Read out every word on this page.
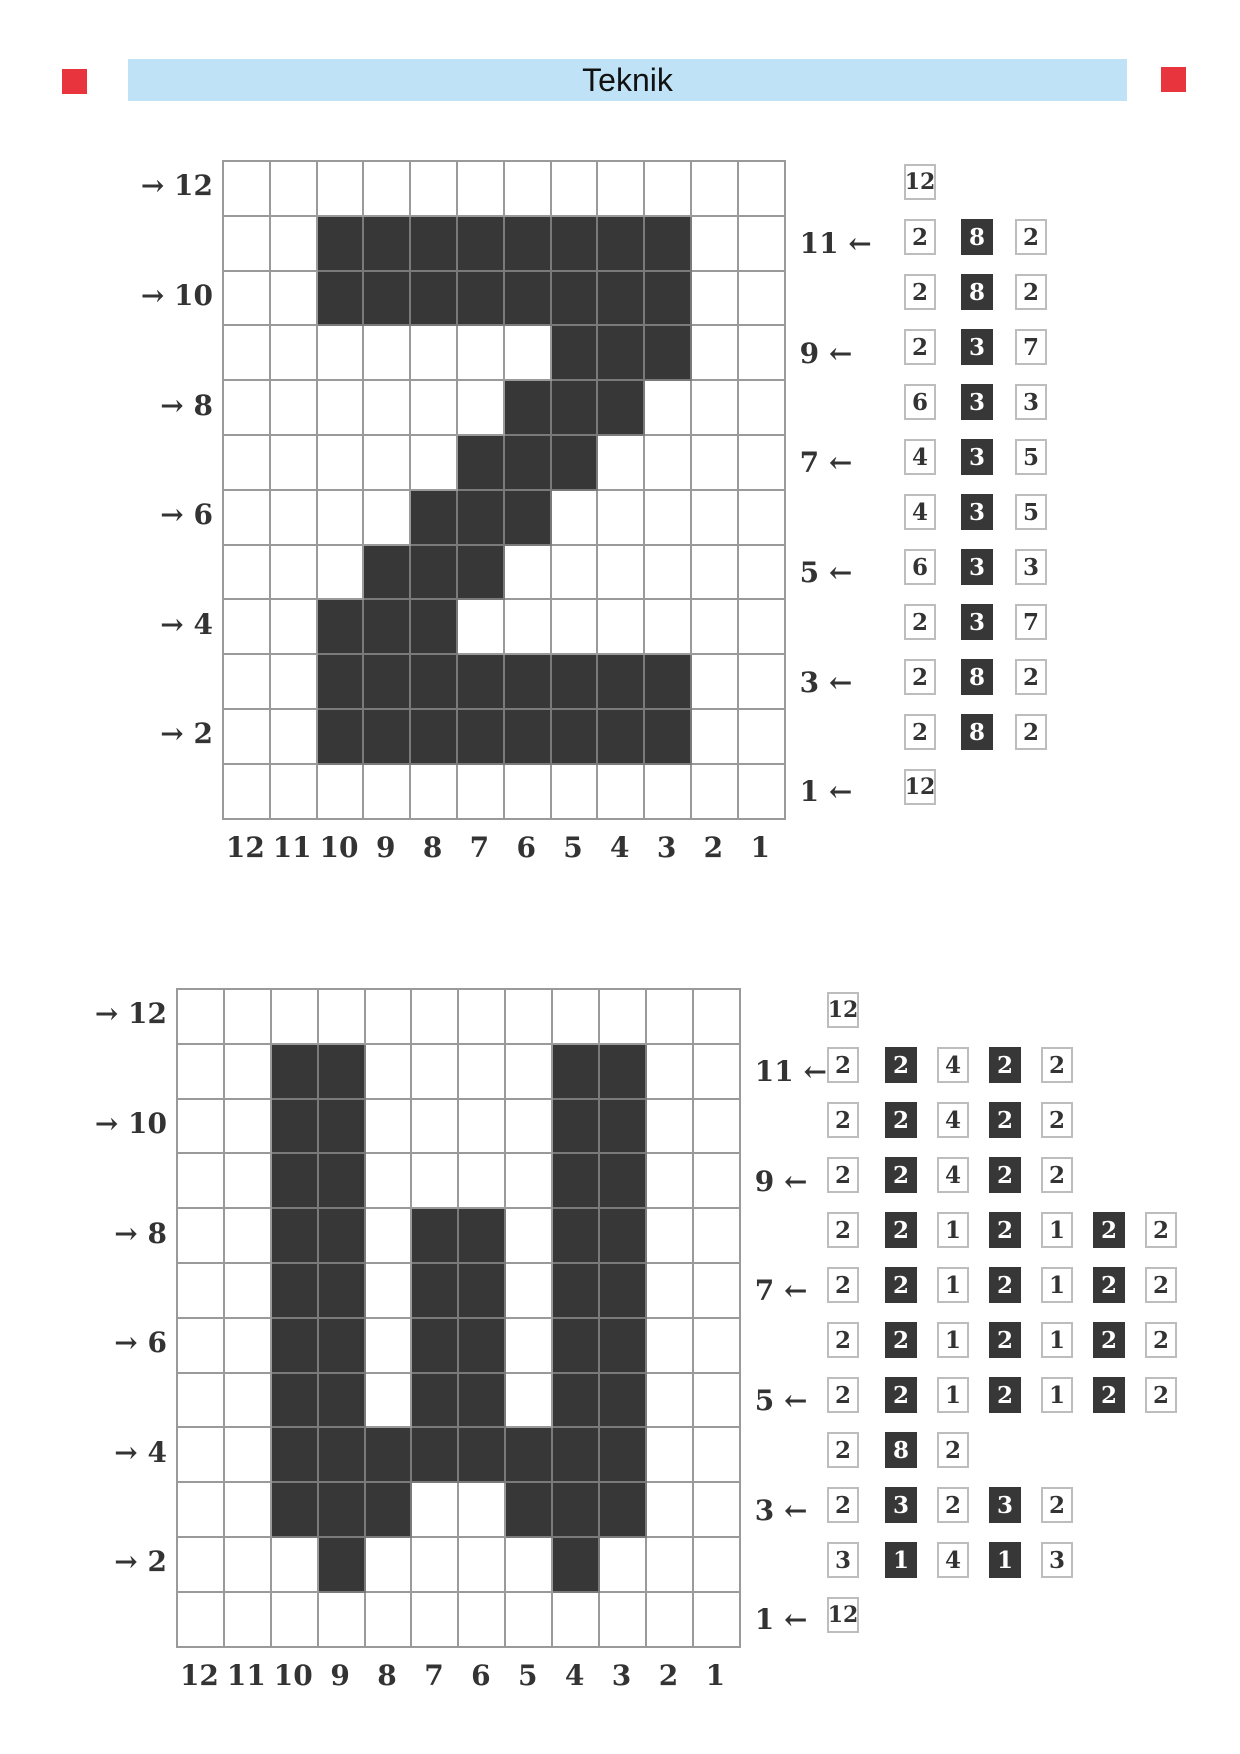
Teknik
→ 12
→ 10
→ 8
→ 6
→ 4
→ 2
11 ←
9 ←
7 ←
5 ←
3 ←
1 ←
12 11 10 9 8 7 6 5 4 3 2 1
12
2	8	2
2	8	2
2	3	7
6	3	3
4	3	5
4	3	5
6	3	3
2	3	7
2	8	2
2	8	2
12
→ 12
→ 10
→ 8
→ 6
→ 4
→ 2
11 ←
9 ←
7 ←
5 ←
3 ←
1 ←
12 11 10 9 8 7 6 5 4 3 2 1
12
2	2	4	2	2
2	2	4	2	2
2	2	4	2	2
2	2	1	2	1	2	2
2	2	1	2	1	2	2
2	2	1	2	1	2	2
2	2	1	2	1	2	2
2	8	2
2	3	2	3	2
3	1	4	1	3
12
